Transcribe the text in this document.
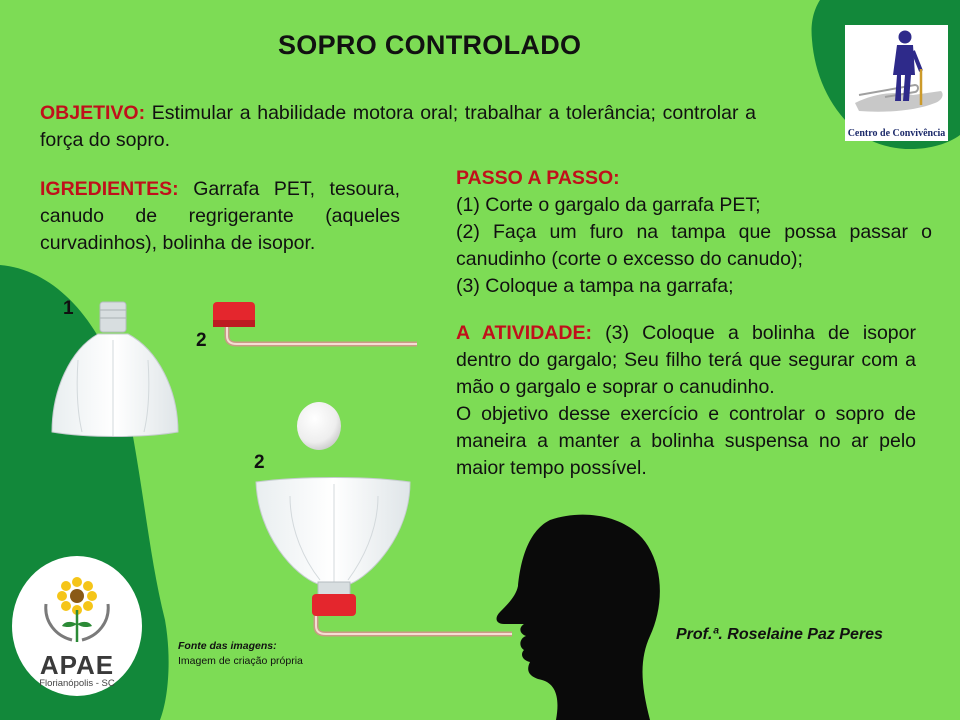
SOPRO CONTROLADO
OBJETIVO: Estimular a habilidade motora oral; trabalhar a tolerância; controlar a força do sopro.
IGREDIENTES: Garrafa PET, tesoura, canudo de regrigerante (aqueles curvadinhos), bolinha de isopor.
PASSO A PASSO:
(1) Corte o gargalo da garrafa PET;
(2) Faça um furo na tampa que possa passar o canudinho (corte o excesso do canudo);
(3) Coloque a tampa na garrafa;
A ATIVIDADE: (3) Coloque a bolinha de isopor dentro do gargalo; Seu filho terá que segurar com a mão o gargalo e soprar o canudinho.
O objetivo desse exercício e controlar o sopro de maneira a manter a bolinha suspensa no ar pelo maior tempo possível.
1
2
2
Prof.ª. Roselaine Paz Peres
Fonte das imagens:
Imagem de criação própria
Centro de Convivência
APAE
Florianópolis - SC
